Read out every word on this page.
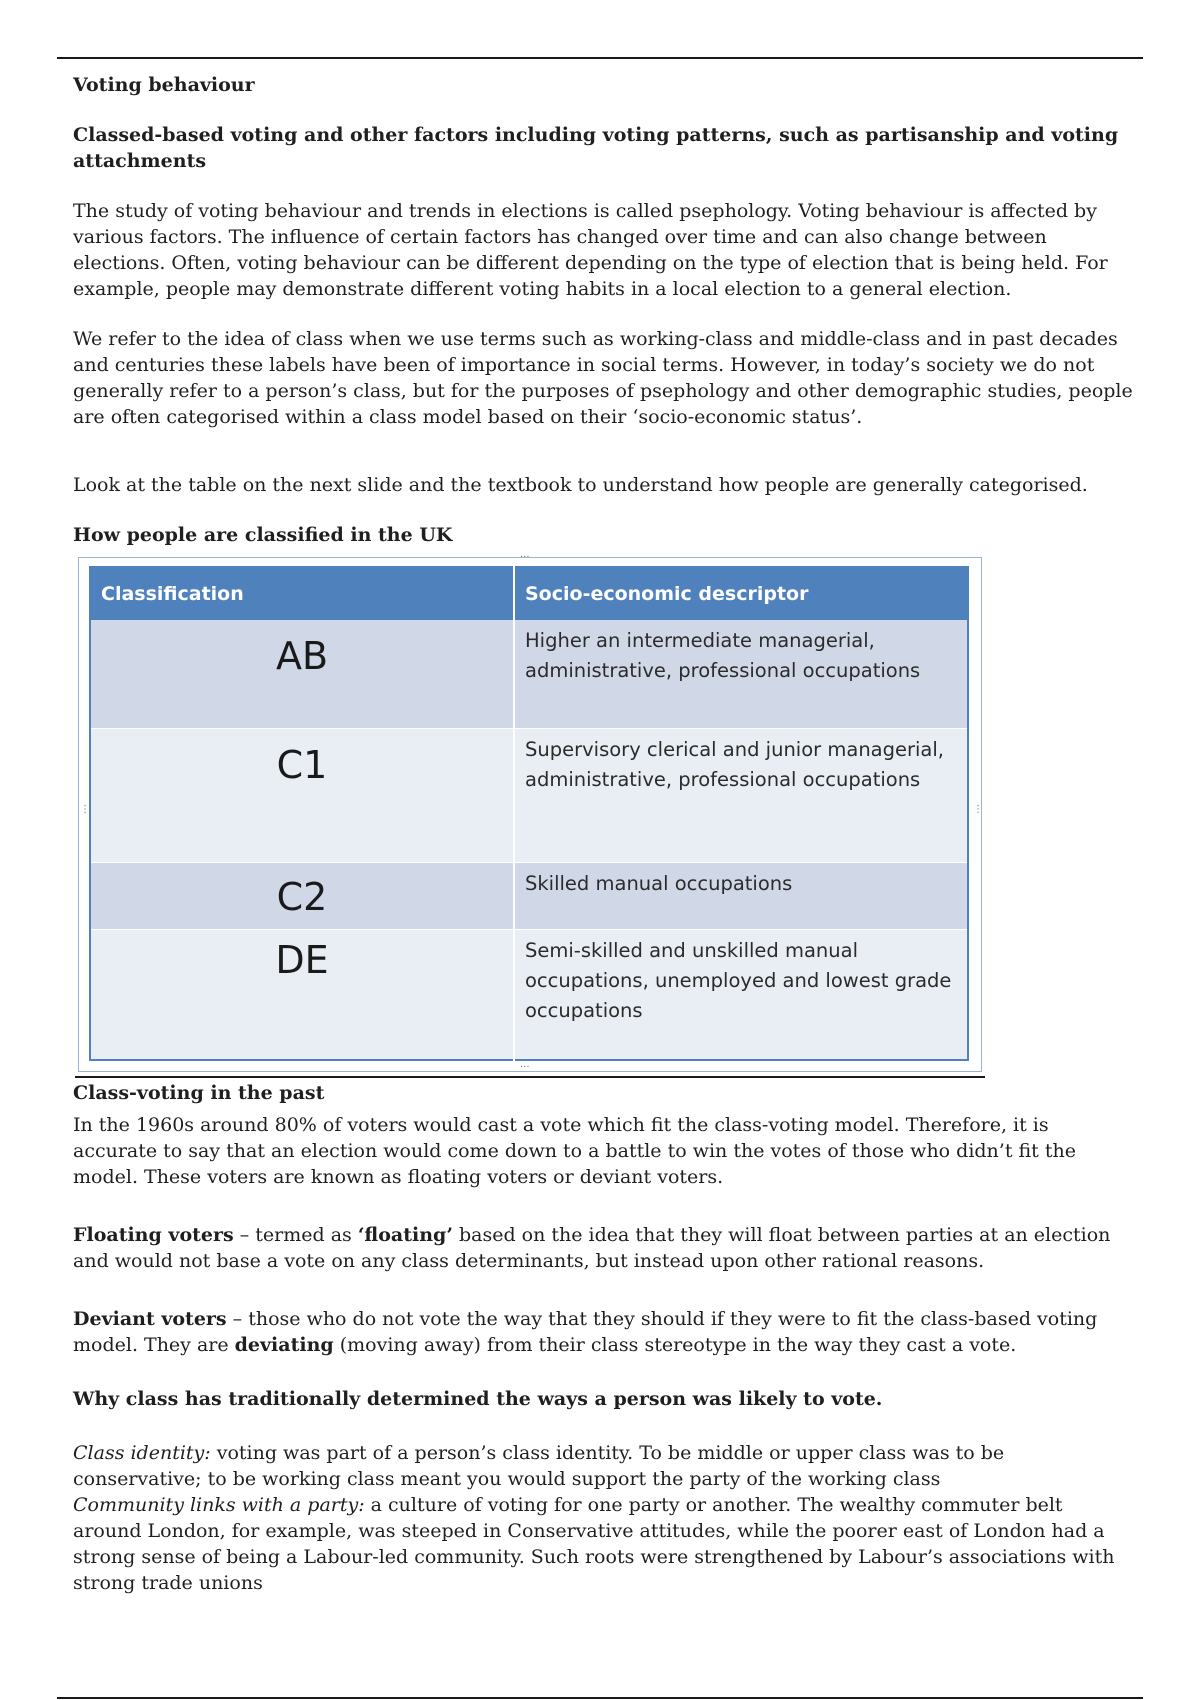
Voting behaviour
Classed-based voting and other factors including voting patterns, such as partisanship and voting attachments

The study of voting behaviour and trends in elections is called psephology. Voting behaviour is affected by various factors. The influence of certain factors has changed over time and can also change between elections. Often, voting behaviour can be different depending on the type of election that is being held. For example, people may demonstrate different voting habits in a local election to a general election.

We refer to the idea of class when we use terms such as working-class and middle-class and in past decades and centuries these labels have been of importance in social terms. However, in today’s society we do not generally refer to a person’s class, but for the purposes of psephology and other demographic studies, people are often categorised within a class model based on their ‘socio-economic status’.

Look at the table on the next slide and the textbook to understand how people are generally categorised.

How people are classified in the UK
···
···
⋮	⋮
Classification	Socio-economic descriptor
AB	Higher an intermediate managerial, administrative, professional occupations
C1	Supervisory clerical and junior managerial, administrative, professional occupations
C2	Skilled manual occupations
DE	Semi-skilled and unskilled manual occupations, unemployed and lowest grade occupations
Class-voting in the past

In the 1960s around 80% of voters would cast a vote which fit the class-voting model. Therefore, it is accurate to say that an election would come down to a battle to win the votes of those who didn’t fit the model. These voters are known as floating voters or deviant voters.

Floating voters – termed as ‘floating’ based on the idea that they will float between parties at an election and would not base a vote on any class determinants, but instead upon other rational reasons.

Deviant voters – those who do not vote the way that they should if they were to fit the class-based voting model. They are deviating (moving away) from their class stereotype in the way they cast a vote.

Why class has traditionally determined the ways a person was likely to vote.

Class identity: voting was part of a person’s class identity. To be middle or upper class was to be conservative; to be working class meant you would support the party of the working class

Community links with a party: a culture of voting for one party or another. The wealthy commuter belt around London, for example, was steeped in Conservative attitudes, while the poorer east of London had a strong sense of being a Labour-led community. Such roots were strengthened by Labour’s associations with strong trade unions
